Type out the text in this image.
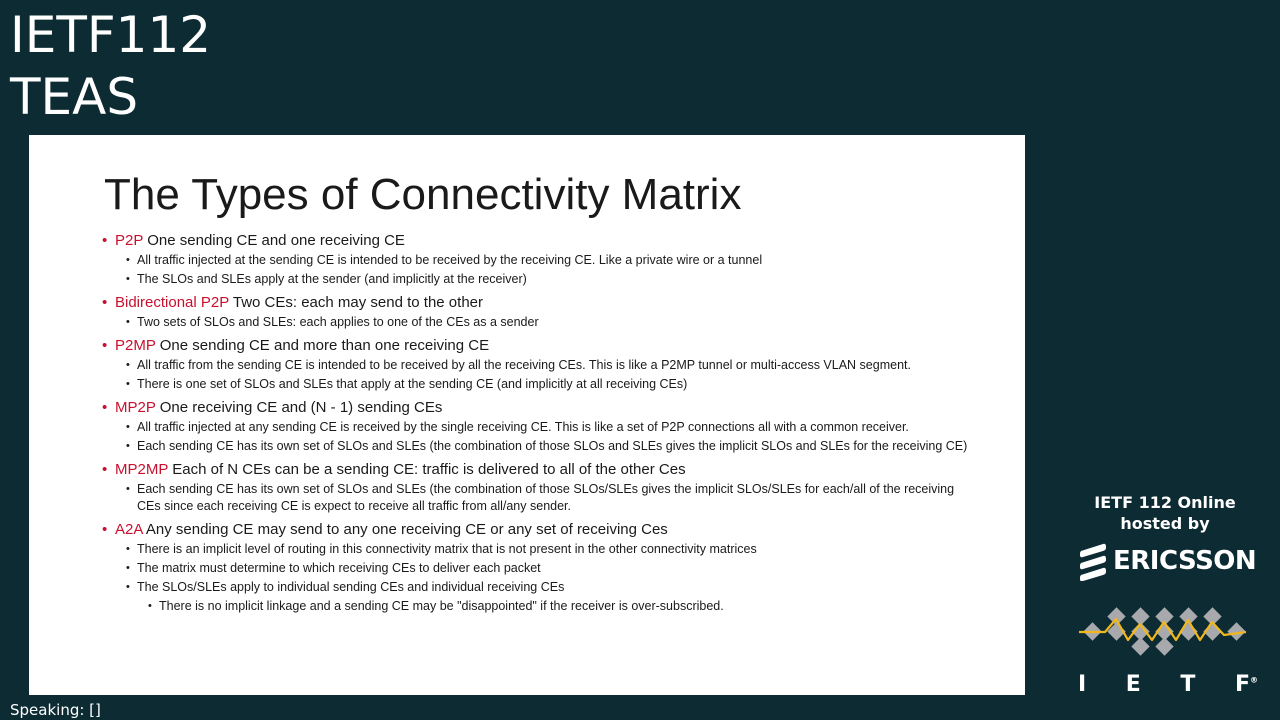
IETF112
TEAS
The Types of Connectivity Matrix
• P2P One sending CE and one receiving CE
• All traffic injected at the sending CE is intended to be received by the receiving CE. Like a private wire or a tunnel
• The SLOs and SLEs apply at the sender (and implicitly at the receiver)
• Bidirectional P2P Two CEs: each may send to the other
• Two sets of SLOs and SLEs: each applies to one of the CEs as a sender
• P2MP One sending CE and more than one receiving CE
• All traffic from the sending CE is intended to be received by all the receiving CEs. This is like a P2MP tunnel or multi-access VLAN segment.
• There is one set of SLOs and SLEs that apply at the sending CE (and implicitly at all receiving CEs)
• MP2P One receiving CE and (N - 1) sending CEs
• All traffic injected at any sending CE is received by the single receiving CE. This is like a set of P2P connections all with a common receiver.
• Each sending CE has its own set of SLOs and SLEs (the combination of those SLOs and SLEs gives the implicit SLOs and SLEs for the receiving CE)
• MP2MP Each of N CEs can be a sending CE: traffic is delivered to all of the other Ces
• Each sending CE has its own set of SLOs and SLEs (the combination of those SLOs/SLEs gives the implicit SLOs/SLEs for each/all of the receiving CEs since each receiving CE is expect to receive all traffic from all/any sender.
• A2A Any sending CE may send to any one receiving CE or any set of receiving Ces
• There is an implicit level of routing in this connectivity matrix that is not present in the other connectivity matrices
• The matrix must determine to which receiving CEs to deliver each packet
• The SLOs/SLEs apply to individual sending CEs and individual receiving CEs
• There is no implicit linkage and a sending CE may be "disappointed" if the receiver is over-subscribed.
IETF 112 Online
hosted by
ERICSSON
I E T F®
Speaking: []
